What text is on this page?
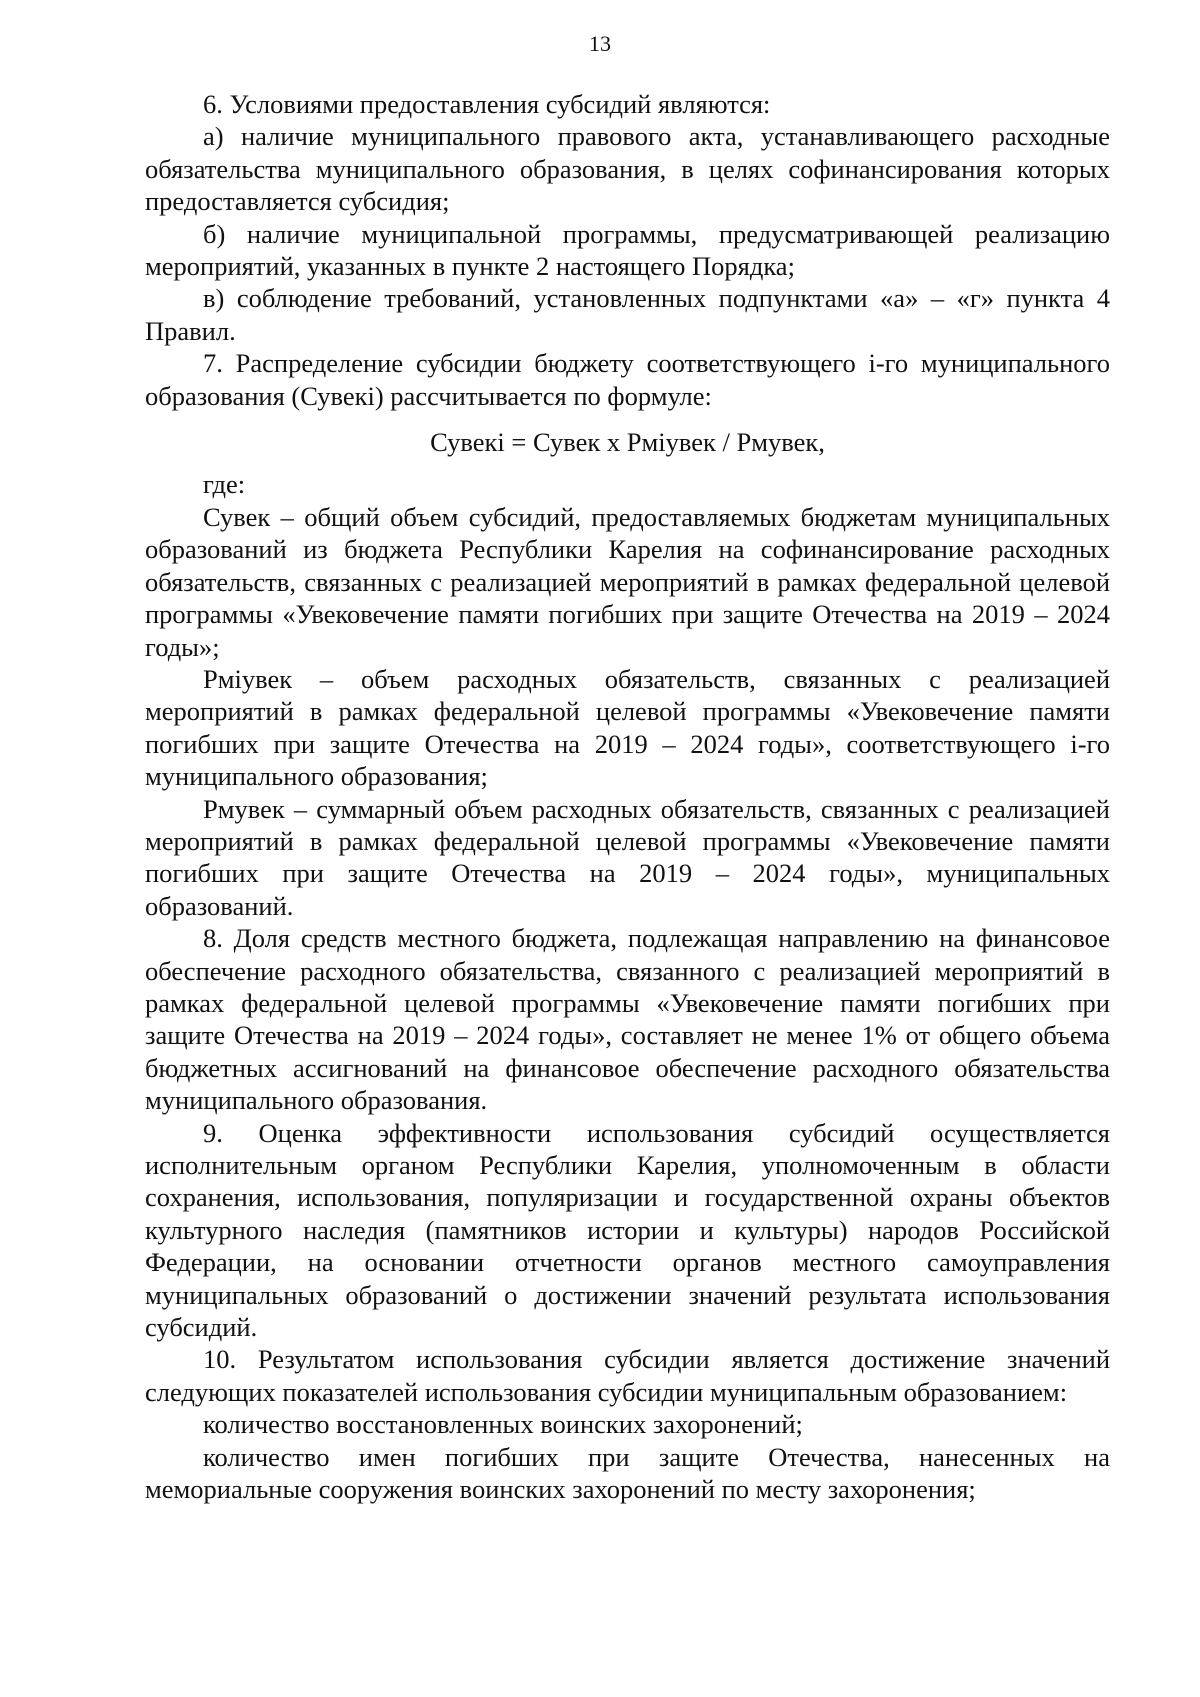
13

6. Условиями предоставления субсидий являются:

а) наличие муниципального правового акта, устанавливающего расходные обязательства муниципального образования, в целях софинансирования которых предоставляется субсидия;

б) наличие муниципальной программы, предусматривающей реализацию мероприятий, указанных в пункте 2 настоящего Порядка;

в) соблюдение требований, установленных подпунктами «а» – «г» пункта 4 Правил.

7. Распределение субсидии бюджету соответствующего i-го муниципального образования (Сувекi) рассчитывается по формуле:

Сувекi = Сувек x Рмiувек / Рмувек,

где:

Сувек – общий объем субсидий, предоставляемых бюджетам муниципальных образований из бюджета Республики Карелия на софинансирование расходных обязательств, связанных с реализацией мероприятий в рамках федеральной целевой программы «Увековечение памяти погибших при защите Отечества на 2019 – 2024 годы»;

Рмiувек – объем расходных обязательств, связанных с реализацией мероприятий в рамках федеральной целевой программы «Увековечение памяти погибших при защите Отечества на 2019 – 2024 годы», соответствующего i-го муниципального образования;

Рмувек – суммарный объем расходных обязательств, связанных с реализацией мероприятий в рамках федеральной целевой программы «Увековечение памяти погибших при защите Отечества на 2019 – 2024 годы», муниципальных образований.

8. Доля средств местного бюджета, подлежащая направлению на финансовое обеспечение расходного обязательства, связанного с реализацией мероприятий в рамках федеральной целевой программы «Увековечение памяти погибших при защите Отечества на 2019 – 2024 годы», составляет не менее 1% от общего объема бюджетных ассигнований на финансовое обеспечение расходного обязательства муниципального образования.

9. Оценка эффективности использования субсидий осуществляется исполнительным органом Республики Карелия, уполномоченным в области сохранения, использования, популяризации и государственной охраны объектов культурного наследия (памятников истории и культуры) народов Российской Федерации, на основании отчетности органов местного самоуправления муниципальных образований о достижении значений результата использования субсидий.

10. Результатом использования субсидии является достижение значений следующих показателей использования субсидии муниципальным образованием:

количество восстановленных воинских захоронений;

количество имен погибших при защите Отечества, нанесенных на мемориальные сооружения воинских захоронений по месту захоронения;
